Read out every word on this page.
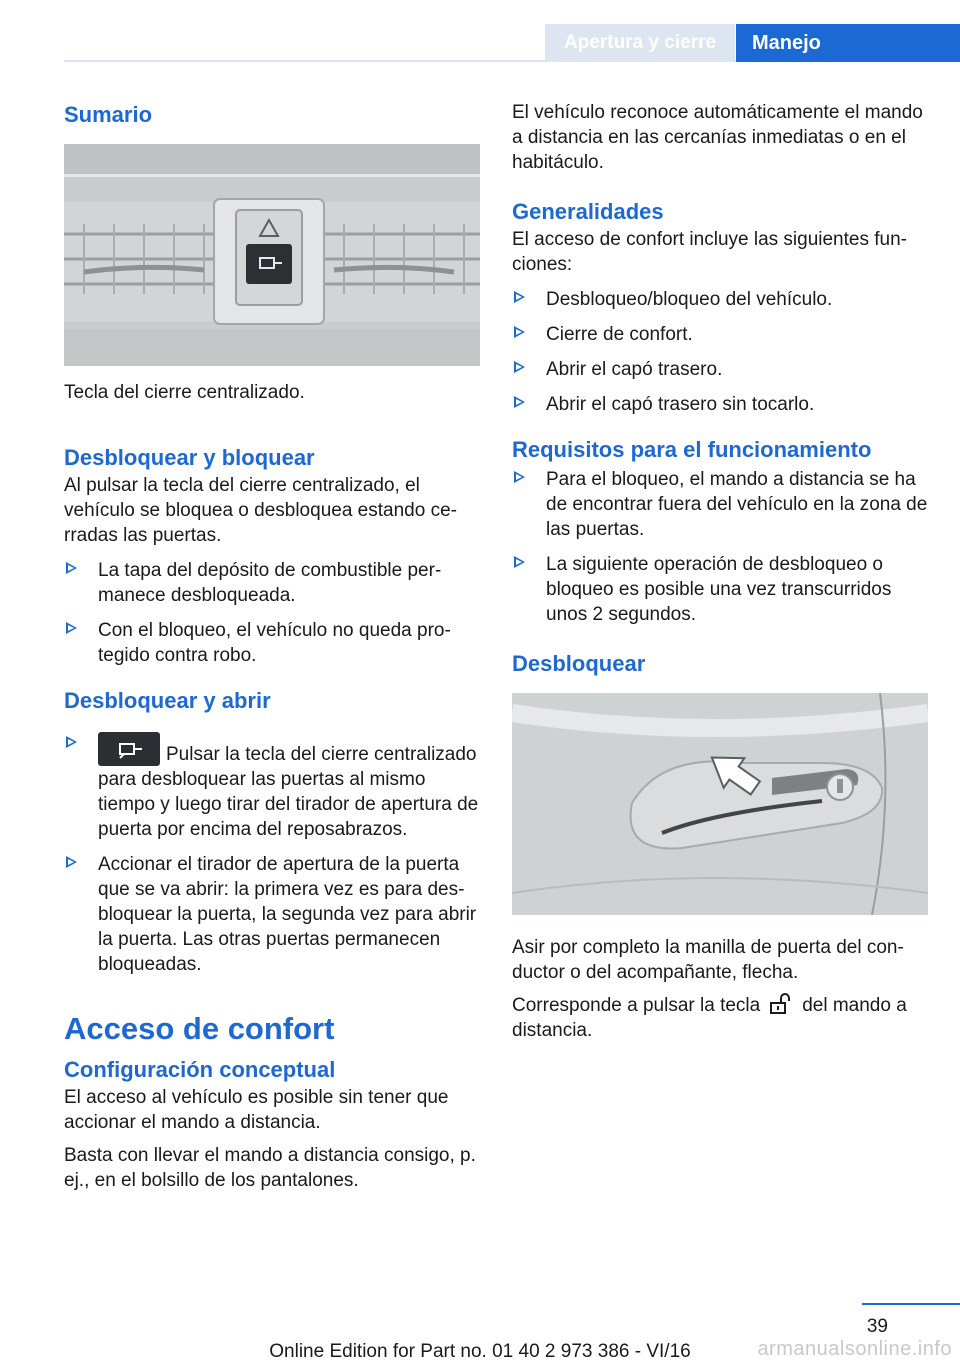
Apertura y cierre	Manejo
Sumario

Tecla del cierre centralizado.

Desbloquear y bloquear

Al pulsar la tecla del cierre centralizado, el vehículo se bloquea o desbloquea estando cerradas las puertas.

La tapa del depósito de combustible permanece desbloqueada.
Con el bloqueo, el vehículo no queda protegido contra robo.
Desbloquear y abrir
Pulsar la tecla del cierre centralizado para desbloquear las puertas al mismo tiempo y luego tirar del tirador de apertura de puerta por encima del reposabrazos.
Accionar el tirador de apertura de la puerta que se va abrir: la primera vez es para desbloquear la puerta, la segunda vez para abrir la puerta. Las otras puertas permanecen bloqueadas.
Acceso de confort
Configuración conceptual

El acceso al vehículo es posible sin tener que accionar el mando a distancia.

Basta con llevar el mando a distancia consigo, p. ej., en el bolsillo de los pantalones.

El vehículo reconoce automáticamente el mando a distancia en las cercanías inmediatas o en el habitáculo.

Generalidades

El acceso de confort incluye las siguientes funciones:

Desbloqueo/bloqueo del vehículo.
Cierre de confort.
Abrir el capó trasero.
Abrir el capó trasero sin tocarlo.
Requisitos para el funcionamiento
Para el bloqueo, el mando a distancia se ha de encontrar fuera del vehículo en la zona de las puertas.
La siguiente operación de desbloqueo o bloqueo es posible una vez transcurridos unos 2 segundos.
Desbloquear

Asir por completo la manilla de puerta del conductor o del acompañante, flecha.

Corresponde a pulsar la tecla del mando a distancia.

39
Online Edition for Part no. 01 40 2 973 386 - VI/16	armanualsonline.info
